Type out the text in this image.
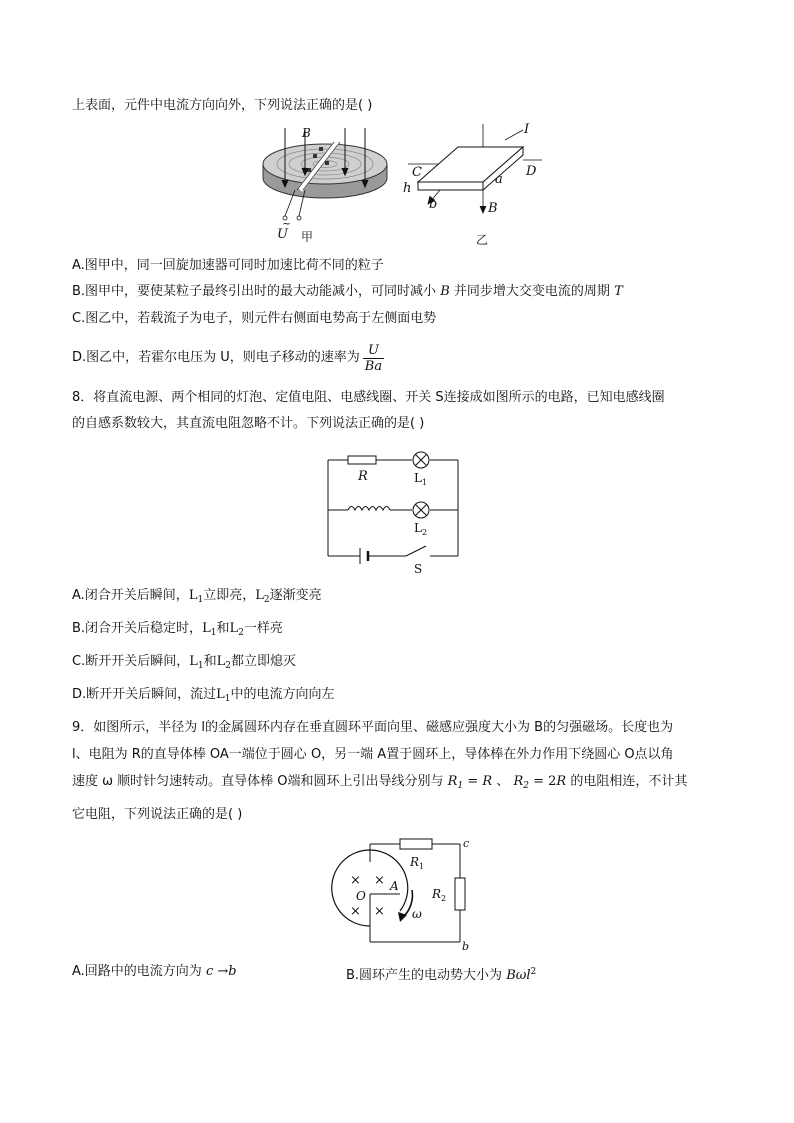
上表面，元件中电流方向向外，下列说法正确的是( )
B
~
U 甲
I
C	D
a
h
b	B
乙
A.图甲中，同一回旋加速器可同时加速比荷不同的粒子
B.图甲中，要使某粒子最终引出时的最大动能减小，可同时减小 B 并同步增大交变电流的周期 T
C.图乙中，若载流子为电子，则元件右侧面电势高于左侧面电势
D.图乙中，若霍尔电压为 U，则电子移动的速率为 $\frac{U}{Ba}$
8．将直流电源、两个相同的灯泡、定值电阻、电感线圈、开关 S连接成如图所示的电路，已知电感线圈
的自感系数较大，其直流电阻忽略不计。下列说法正确的是( )
R	$L_1$
$L_2$
S
A.闭合开关后瞬间，$L_1$立即亮，$L_2$逐渐变亮
B.闭合开关后稳定时，$L_1$和$L_2$一样亮
C.断开开关后瞬间，$L_1$和$L_2$都立即熄灭
D.断开开关后瞬间，流过$L_1$中的电流方向向左
9．如图所示，半径为 l的金属圆环内存在垂直圆环平面向里、磁感应强度大小为 B的匀强磁场。长度也为
l、电阻为 R的直导体棒 OA一端位于圆心 O，另一端 A置于圆环上，导体棒在外力作用下绕圆心 O点以角
速度 ω 顺时针匀速转动。直导体棒 O端和圆环上引出导线分别与 $R_1 = R$ 、 $R_2 = 2R$ 的电阻相连，不计其
它电阻，下列说法正确的是( )
× ×
× ×
O
A
ω
$R_1$
$R_2$
c
b
A.回路中的电流方向为 c →b	B.圆环产生的电动势大小为 Bωl$^2$
